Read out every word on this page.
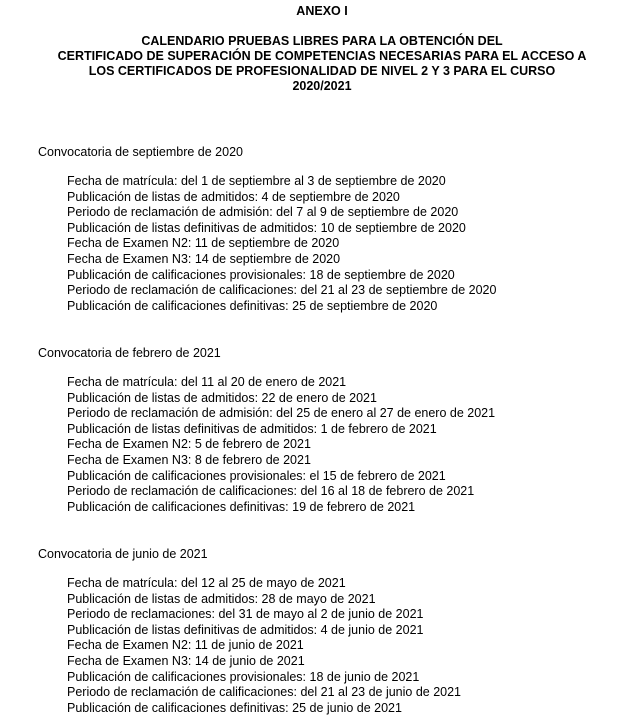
ANEXO I
CALENDARIO PRUEBAS LIBRES PARA LA OBTENCIÓN DEL
CERTIFICADO DE SUPERACIÓN DE COMPETENCIAS NECESARIAS PARA EL ACCESO A
LOS CERTIFICADOS DE PROFESIONALIDAD DE NIVEL 2 Y 3 PARA EL CURSO
2020/2021
Convocatoria de septiembre de 2020
Fecha de matrícula: del 1 de septiembre al 3 de septiembre de 2020
Publicación de listas de admitidos: 4 de septiembre de 2020
Periodo de reclamación de admisión: del 7 al 9 de septiembre de 2020
Publicación de listas definitivas de admitidos: 10 de septiembre de 2020
Fecha de Examen N2: 11 de septiembre de 2020
Fecha de Examen N3: 14 de septiembre de 2020
Publicación de calificaciones provisionales: 18 de septiembre de 2020
Periodo de reclamación de calificaciones: del 21 al 23 de septiembre de 2020
Publicación de calificaciones definitivas: 25 de septiembre de 2020
Convocatoria de febrero de 2021
Fecha de matrícula: del 11 al 20 de enero de 2021
Publicación de listas de admitidos: 22 de enero de 2021
Periodo de reclamación de admisión: del 25 de enero al 27 de enero de 2021
Publicación de listas definitivas de admitidos: 1 de febrero de 2021
Fecha de Examen N2: 5 de febrero de 2021
Fecha de Examen N3: 8 de febrero de 2021
Publicación de calificaciones provisionales: el 15 de febrero de 2021
Periodo de reclamación de calificaciones: del 16 al 18 de febrero de 2021
Publicación de calificaciones definitivas: 19 de febrero de 2021
Convocatoria de junio de 2021
Fecha de matrícula: del 12 al 25 de mayo de 2021
Publicación de listas de admitidos: 28 de mayo de 2021
Periodo de reclamaciones: del 31 de mayo al 2 de junio de 2021
Publicación de listas definitivas de admitidos: 4 de junio de 2021
Fecha de Examen N2: 11 de junio de 2021
Fecha de Examen N3: 14 de junio de 2021
Publicación de calificaciones provisionales: 18 de junio de 2021
Periodo de reclamación de calificaciones: del 21 al 23 de junio de 2021
Publicación de calificaciones definitivas: 25 de junio de 2021
